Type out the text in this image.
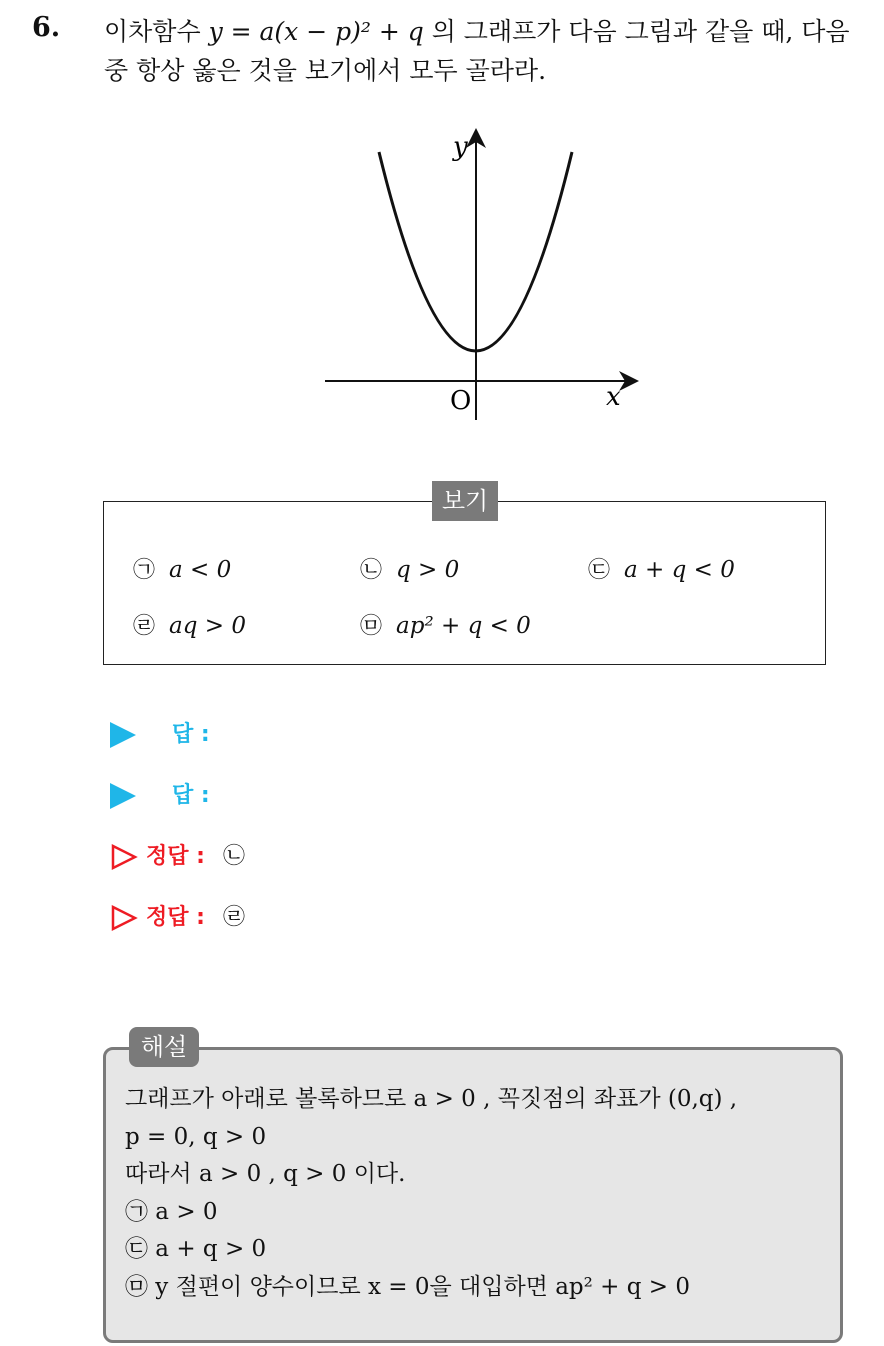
6. 이차함수 y = a(x − p)² + q 의 그래프가 다음 그림과 같을 때, 다음
중 항상 옳은 것을 보기에서 모두 골라라.
y
x
O
보기
㉠ a < 0	㉡ q > 0	㉢ a + q < 0
㉣ aq > 0	㉤ ap² + q < 0
답 :
답 :
정답 : ㉡
정답 : ㉣
해설
그래프가 아래로 볼록하므로 a > 0 , 꼭짓점의 좌표가 (0,q) ,
p = 0, q > 0
따라서 a > 0 , q > 0 이다.
㉠ a > 0
㉢ a + q > 0
㉤ y 절편이 양수이므로 x = 0을 대입하면 ap² + q > 0
